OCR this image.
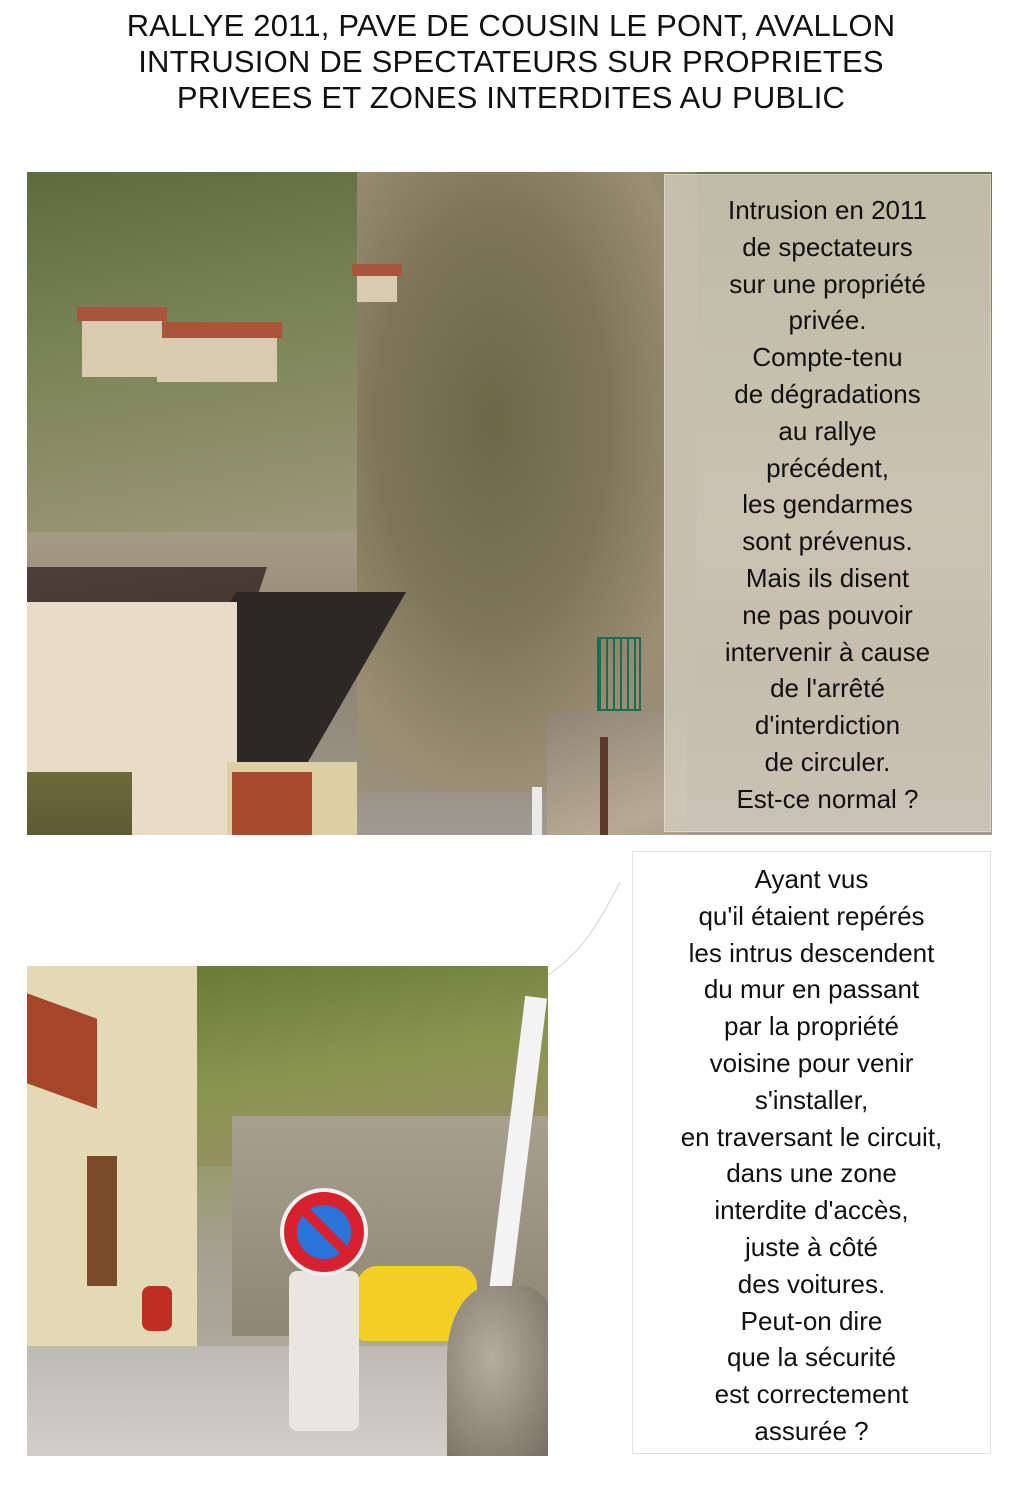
RALLYE 2011, PAVE DE COUSIN LE PONT, AVALLON
INTRUSION DE SPECTATEURS SUR PROPRIETES
PRIVEES ET ZONES INTERDITES AU PUBLIC
Intrusion en 2011
de spectateurs
sur une propriété
privée.
Compte-tenu
de dégradations
au rallye
précédent,
les gendarmes
sont prévenus.
Mais ils disent
ne pas pouvoir
intervenir à cause
de l'arrêté
d'interdiction
de circuler.
Est-ce normal ?
Ayant vus
qu'il étaient repérés
les intrus descendent
du mur en passant
par la propriété
voisine pour venir
s'installer,
en traversant le circuit,
dans une zone
interdite d'accès,
juste à côté
des voitures.
Peut-on dire
que la sécurité
est correctement
assurée ?
